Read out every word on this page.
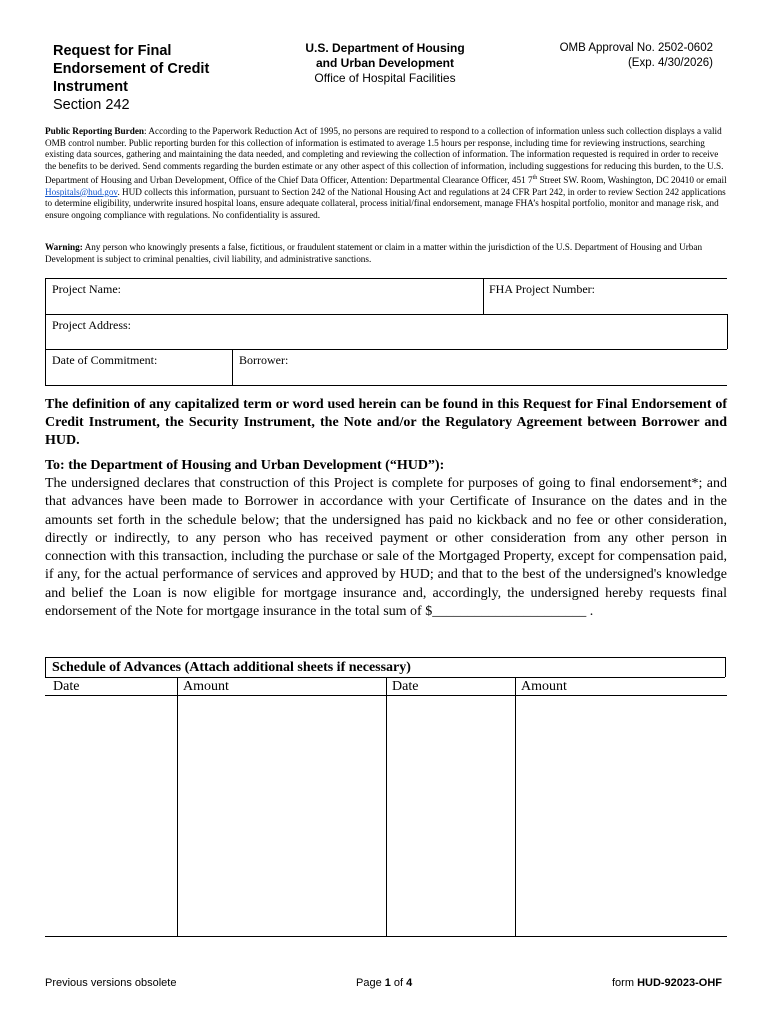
Request for Final
Endorsement of Credit
Instrument
Section 242
U.S. Department of Housing
and Urban Development
Office of Hospital Facilities
OMB Approval No. 2502-0602
(Exp. 4/30/2026)
Public Reporting Burden: According to the Paperwork Reduction Act of 1995, no persons are required to respond to a collection of information unless such collection displays a valid OMB control number. Public reporting burden for this collection of information is estimated to average 1.5 hours per response, including time for reviewing instructions, searching existing data sources, gathering and maintaining the data needed, and completing and reviewing the collection of information. The information requested is required in order to receive the benefits to be derived. Send comments regarding the burden estimate or any other aspect of this collection of information, including suggestions for reducing this burden, to the U.S. Department of Housing and Urban Development, Office of the Chief Data Officer, Attention: Departmental Clearance Officer, 451 7th Street SW. Room, Washington, DC 20410 or email Hospitals@hud.gov. HUD collects this information, pursuant to Section 242 of the National Housing Act and regulations at 24 CFR Part 242, in order to review Section 242 applications to determine eligibility, underwrite insured hospital loans, ensure adequate collateral, process initial/final endorsement, manage FHA’s hospital portfolio, monitor and manage risk, and ensure ongoing compliance with regulations. No confidentiality is assured.
Warning: Any person who knowingly presents a false, fictitious, or fraudulent statement or claim in a matter within the jurisdiction of the U.S. Department of Housing and Urban Development is subject to criminal penalties, civil liability, and administrative sanctions.
Project Name:	FHA Project Number:
Project Address:
Date of Commitment:	Borrower:
The definition of any capitalized term or word used herein can be found in this Request for Final Endorsement of Credit Instrument, the Security Instrument, the Note and/or the Regulatory Agreement between Borrower and HUD.
To: the Department of Housing and Urban Development (“HUD”):
The undersigned declares that construction of this Project is complete for purposes of going to final endorsement*; and that advances have been made to Borrower in accordance with your Certificate of Insurance on the dates and in the amounts set forth in the schedule below; that the undersigned has paid no kickback and no fee or other consideration, directly or indirectly, to any person who has received payment or other consideration from any other person in connection with this transaction, including the purchase or sale of the Mortgaged Property, except for compensation paid, if any, for the actual performance of services and approved by HUD; and that to the best of the undersigned's knowledge and belief the Loan is now eligible for mortgage insurance and, accordingly, the undersigned hereby requests final endorsement of the Note for mortgage insurance in the total sum of $______________________ .
Schedule of Advances (Attach additional sheets if necessary)
Date	Amount	Date	Amount
Previous versions obsolete	Page 1 of 4	form HUD-92023-OHF
